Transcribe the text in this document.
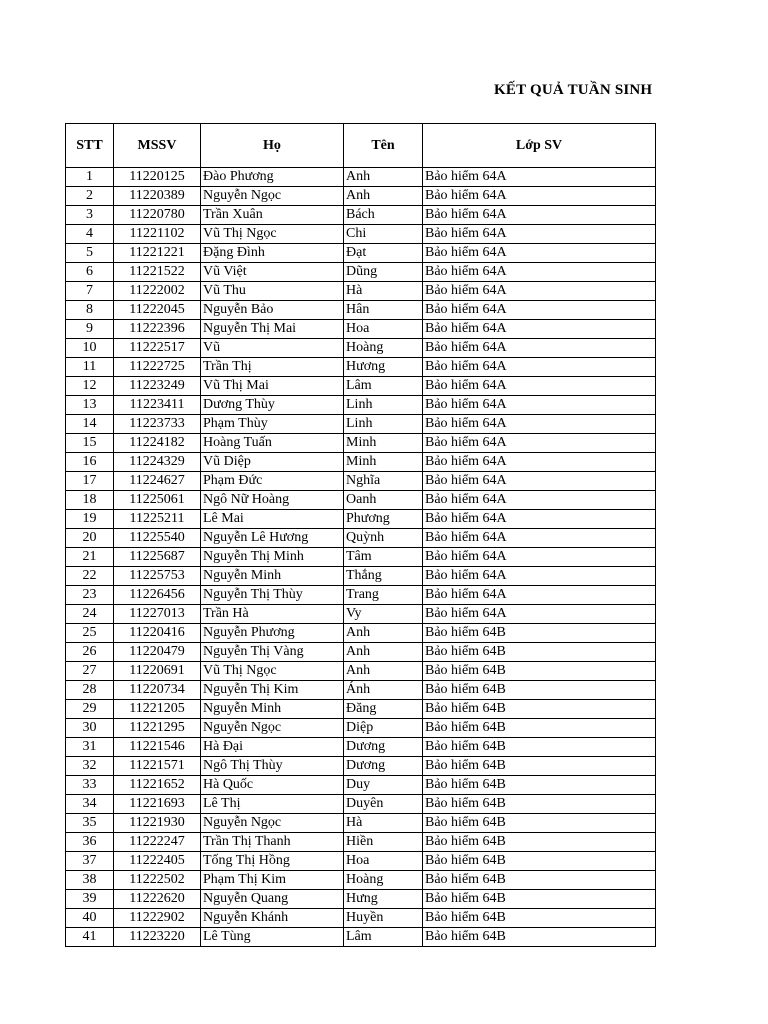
KẾT QUẢ TUẦN SINH
STT	MSSV	Họ	Tên	Lớp SV
1	11220125	Đào Phương	Anh	Bảo hiểm 64A
2	11220389	Nguyễn Ngọc	Anh	Bảo hiểm 64A
3	11220780	Trần Xuân	Bách	Bảo hiểm 64A
4	11221102	Vũ Thị Ngọc	Chi	Bảo hiểm 64A
5	11221221	Đặng Đình	Đạt	Bảo hiểm 64A
6	11221522	Vũ Việt	Dũng	Bảo hiểm 64A
7	11222002	Vũ Thu	Hà	Bảo hiểm 64A
8	11222045	Nguyễn Bảo	Hân	Bảo hiểm 64A
9	11222396	Nguyễn Thị Mai	Hoa	Bảo hiểm 64A
10	11222517	Vũ	Hoàng	Bảo hiểm 64A
11	11222725	Trần Thị	Hương	Bảo hiểm 64A
12	11223249	Vũ Thị Mai	Lâm	Bảo hiểm 64A
13	11223411	Dương Thùy	Linh	Bảo hiểm 64A
14	11223733	Phạm Thùy	Linh	Bảo hiểm 64A
15	11224182	Hoàng Tuấn	Minh	Bảo hiểm 64A
16	11224329	Vũ Diệp	Minh	Bảo hiểm 64A
17	11224627	Phạm Đức	Nghĩa	Bảo hiểm 64A
18	11225061	Ngô Nữ Hoàng	Oanh	Bảo hiểm 64A
19	11225211	Lê Mai	Phương	Bảo hiểm 64A
20	11225540	Nguyễn Lê Hương	Quỳnh	Bảo hiểm 64A
21	11225687	Nguyễn Thị Minh	Tâm	Bảo hiểm 64A
22	11225753	Nguyễn Minh	Thắng	Bảo hiểm 64A
23	11226456	Nguyễn Thị Thùy	Trang	Bảo hiểm 64A
24	11227013	Trần Hà	Vy	Bảo hiểm 64A
25	11220416	Nguyễn Phương	Anh	Bảo hiểm 64B
26	11220479	Nguyễn Thị Vàng	Anh	Bảo hiểm 64B
27	11220691	Vũ Thị Ngọc	Anh	Bảo hiểm 64B
28	11220734	Nguyễn Thị Kim	Ánh	Bảo hiểm 64B
29	11221205	Nguyễn Minh	Đăng	Bảo hiểm 64B
30	11221295	Nguyễn Ngọc	Diệp	Bảo hiểm 64B
31	11221546	Hà Đại	Dương	Bảo hiểm 64B
32	11221571	Ngô Thị Thùy	Dương	Bảo hiểm 64B
33	11221652	Hà Quốc	Duy	Bảo hiểm 64B
34	11221693	Lê Thị	Duyên	Bảo hiểm 64B
35	11221930	Nguyễn Ngọc	Hà	Bảo hiểm 64B
36	11222247	Trần Thị Thanh	Hiền	Bảo hiểm 64B
37	11222405	Tống Thị Hồng	Hoa	Bảo hiểm 64B
38	11222502	Phạm Thị Kim	Hoàng	Bảo hiểm 64B
39	11222620	Nguyễn Quang	Hưng	Bảo hiểm 64B
40	11222902	Nguyễn Khánh	Huyền	Bảo hiểm 64B
41	11223220	Lê Tùng	Lâm	Bảo hiểm 64B
